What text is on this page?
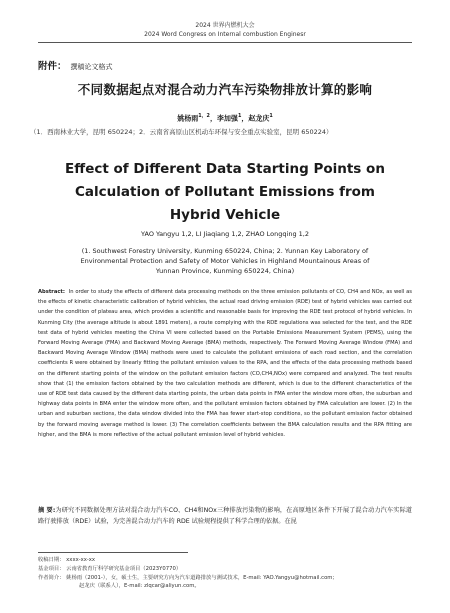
2024 世界内燃机大会
2024 Word Congress on Internal combustion Enginesr
附件： 撰稿论文格式
不同数据起点对混合动力汽车污染物排放计算的影响
姚杨雨$^{1,2}$，李加强$^1$，赵龙庆$^1$
（1．西南林业大学，昆明 650224；2．云南省高原山区机动车环保与安全重点实验室，昆明 650224）
Effect of Different Data Starting Points on Calculation of Pollutant Emissions from Hybrid Vehicle
YAO Yangyu 1,2, LI Jiaqiang 1,2, ZHAO Longqing 1,2
(1. Southwest Forestry University, Kunming 650224, China; 2. Yunnan Key Laboratory of Environmental Protection and Safety of Motor Vehicles in Highland Mountainous Areas of Yunnan Province, Kunming 650224, China)
Abstract: In order to study the effects of different data processing methods on the three emission pollutants of CO, CH4 and NOx, as well as the effects of kinetic characteristic calibration of hybrid vehicles, the actual road driving emission (RDE) test of hybrid vehicles was carried out under the condition of plateau area, which provides a scientific and reasonable basis for improving the RDE test protocol of hybrid vehicles. In Kunming City (the average altitude is about 1891 meters), a route complying with the RDE regulations was selected for the test, and the RDE test data of hybrid vehicles meeting the China VI were collected based on the Portable Emissions Measurement System (PEMS), using the Forward Moving Average (FMA) and Backward Moving Average (BMA) methods, respectively. The Forward Moving Average Window (FMA) and Backward Moving Average Window (BMA) methods were used to calculate the pollutant emissions of each road section, and the correlation coefficients R were obtained by linearly fitting the pollutant emission values to the RPA, and the effects of the data processing methods based on the different starting points of the window on the pollutant emission factors (CO,CH4,NOx) were compared and analyzed. The test results show that (1) the emission factors obtained by the two calculation methods are different, which is due to the different characteristics of the use of RDE test data caused by the different data starting points, the urban data points in FMA enter the window more often, the suburban and highway data points in BMA enter the window more often, and the pollutant emission factors obtained by FMA calculation are lower. (2) In the urban and suburban sections, the data window divided into the FMA has fewer start-stop conditions, so the pollutant emission factor obtained by the forward moving average method is lower. (3) The correlation coefficients between the BMA calculation results and the RPA fitting are higher, and the BMA is more reflective of the actual pollutant emission level of hybrid vehicles.
摘 要:为研究不同数据处理方法对混合动力汽车CO、CH4和NOx三种排放污染物的影响，在高原地区条件下开展了混合动力汽车实际道路行驶排放（RDE）试验，为完善混合动力汽车的 RDE 试验规程提供了科学合理的依据。在昆
收稿日期： xxxx-xx-xx
基金项目： 云南省教育厅科学研究基金项目（2023Y0770）
作者简介： 姚杨雨（2001-），女，硕士生，主要研究方向为汽车道路排放与测试技术，E-mail: YAO.Yangyu@hotmail.com;
赵龙庆（联系人），E-mail: zlqcar@aliyun.com。
